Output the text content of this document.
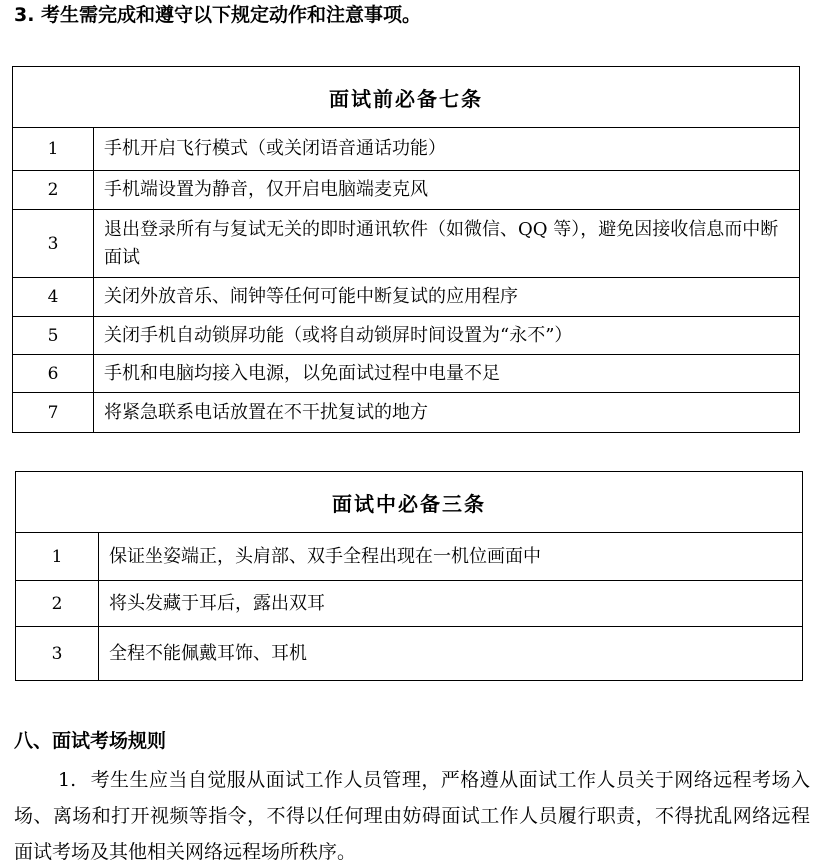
3. 考生需完成和遵守以下规定动作和注意事项。
面试前必备七条	
1	手机开启飞行模式（或关闭语音通话功能）
2	手机端设置为静音，仅开启电脑端麦克风
3	退出登录所有与复试无关的即时通讯软件（如微信、QQ 等），避免因接收信息而中断面试
4	关闭外放音乐、闹钟等任何可能中断复试的应用程序
5	关闭手机自动锁屏功能（或将自动锁屏时间设置为“永不”）
6	手机和电脑均接入电源，以免面试过程中电量不足
7	将紧急联系电话放置在不干扰复试的地方
面试中必备三条	
1	保证坐姿端正，头肩部、双手全程出现在一机位画面中
2	将头发藏于耳后，露出双耳
3	全程不能佩戴耳饰、耳机
八、面试考场规则
1. 考生生应当自觉服从面试工作人员管理，严格遵从面试工作人员关于网络远程考场入场、离场和打开视频等指令，不得以任何理由妨碍面试工作人员履行职责，不得扰乱网络远程面试考场及其他相关网络远程场所秩序。
